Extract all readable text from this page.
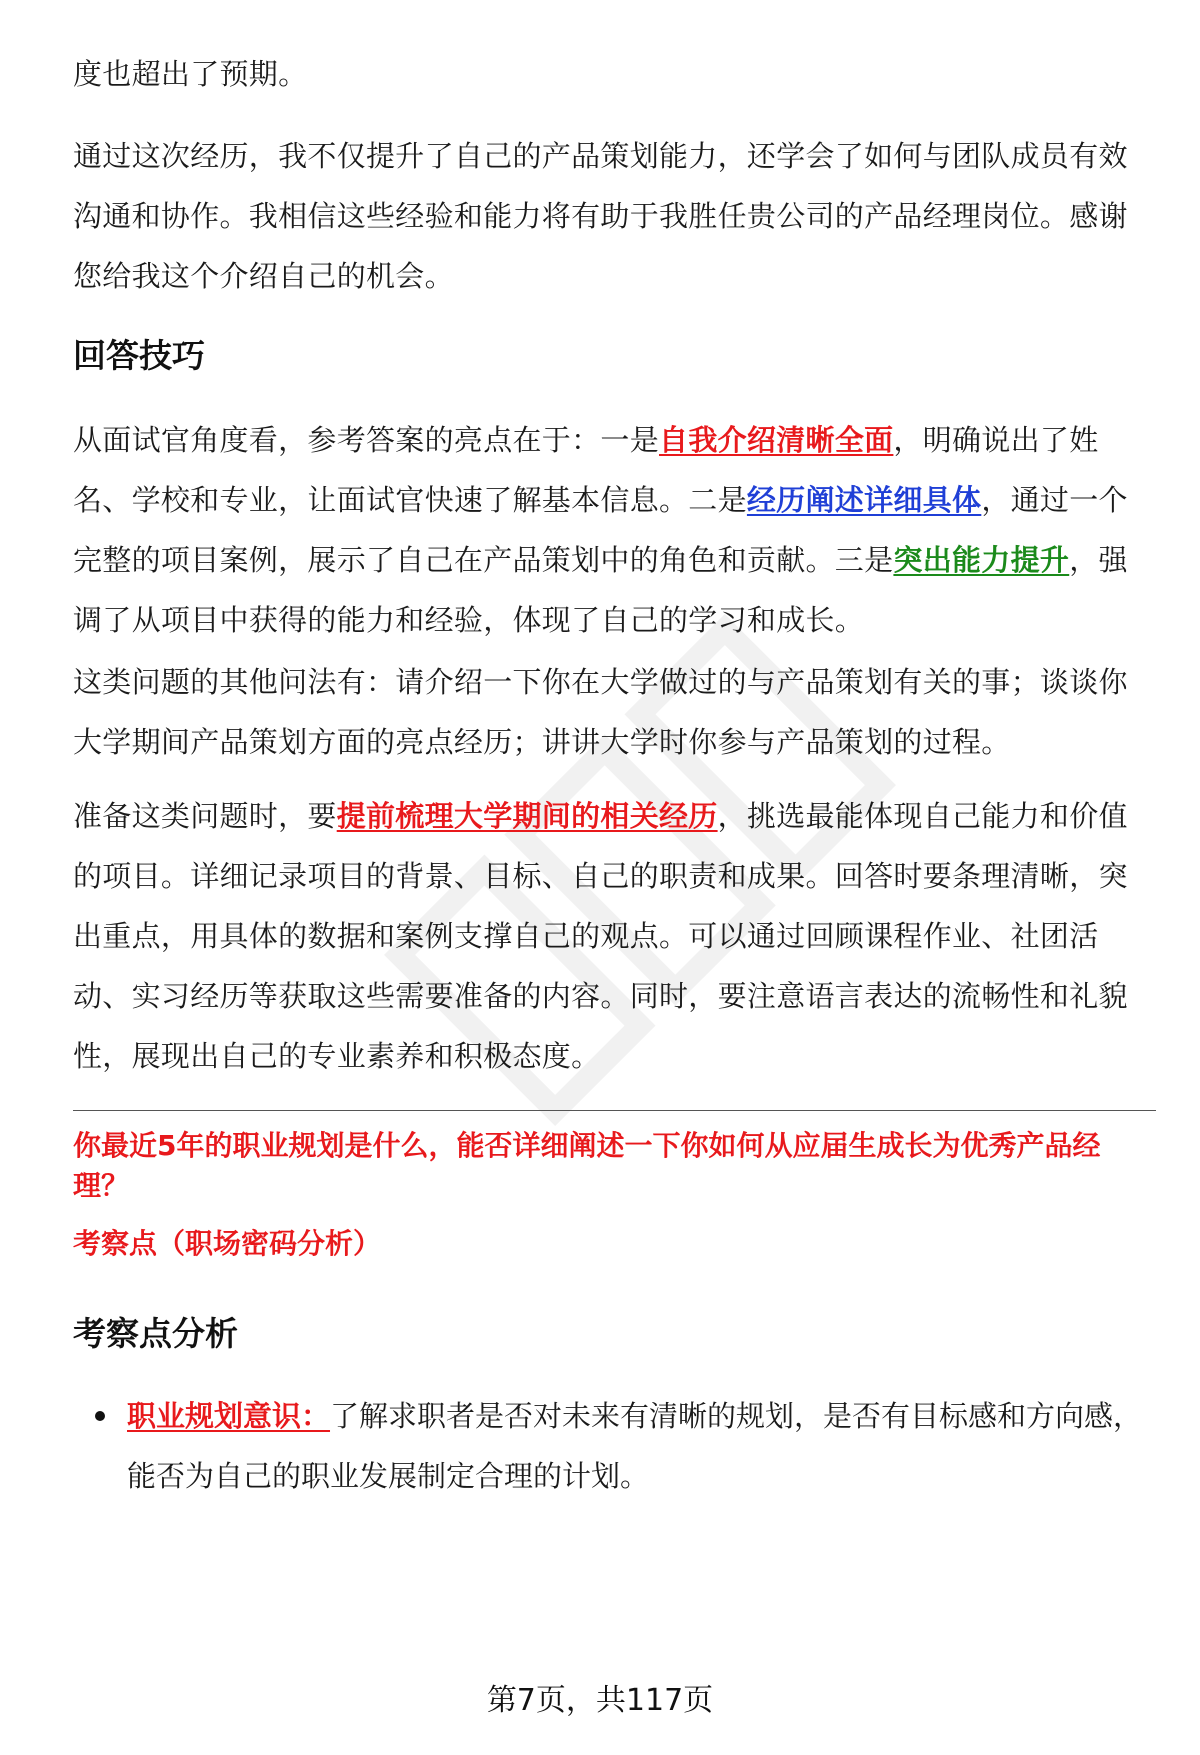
度也超出了预期。

通过这次经历，我不仅提升了自己的产品策划能力，还学会了如何与团队成员有效沟通和协作。我相信这些经验和能力将有助于我胜任贵公司的产品经理岗位。感谢您给我这个介绍自己的机会。

回答技巧

从面试官角度看，参考答案的亮点在于：一是自我介绍清晰全面，明确说出了姓名、学校和专业，让面试官快速了解基本信息。二是经历阐述详细具体，通过一个完整的项目案例，展示了自己在产品策划中的角色和贡献。三是突出能力提升，强调了从项目中获得的能力和经验，体现了自己的学习和成长。

这类问题的其他问法有：请介绍一下你在大学做过的与产品策划有关的事；谈谈你大学期间产品策划方面的亮点经历；讲讲大学时你参与产品策划的过程。

准备这类问题时，要提前梳理大学期间的相关经历，挑选最能体现自己能力和价值的项目。详细记录项目的背景、目标、自己的职责和成果。回答时要条理清晰，突出重点，用具体的数据和案例支撑自己的观点。可以通过回顾课程作业、社团活动、实习经历等获取这些需要准备的内容。同时，要注意语言表达的流畅性和礼貌性，展现出自己的专业素养和积极态度。

你最近5年的职业规划是什么，能否详细阐述一下你如何从应届生成长为优秀产品经理？

考察点（职场密码分析）

考察点分析
职业规划意识：了解求职者是否对未来有清晰的规划，是否有目标感和方向感，能否为自己的职业发展制定合理的计划。
第7页，共117页
